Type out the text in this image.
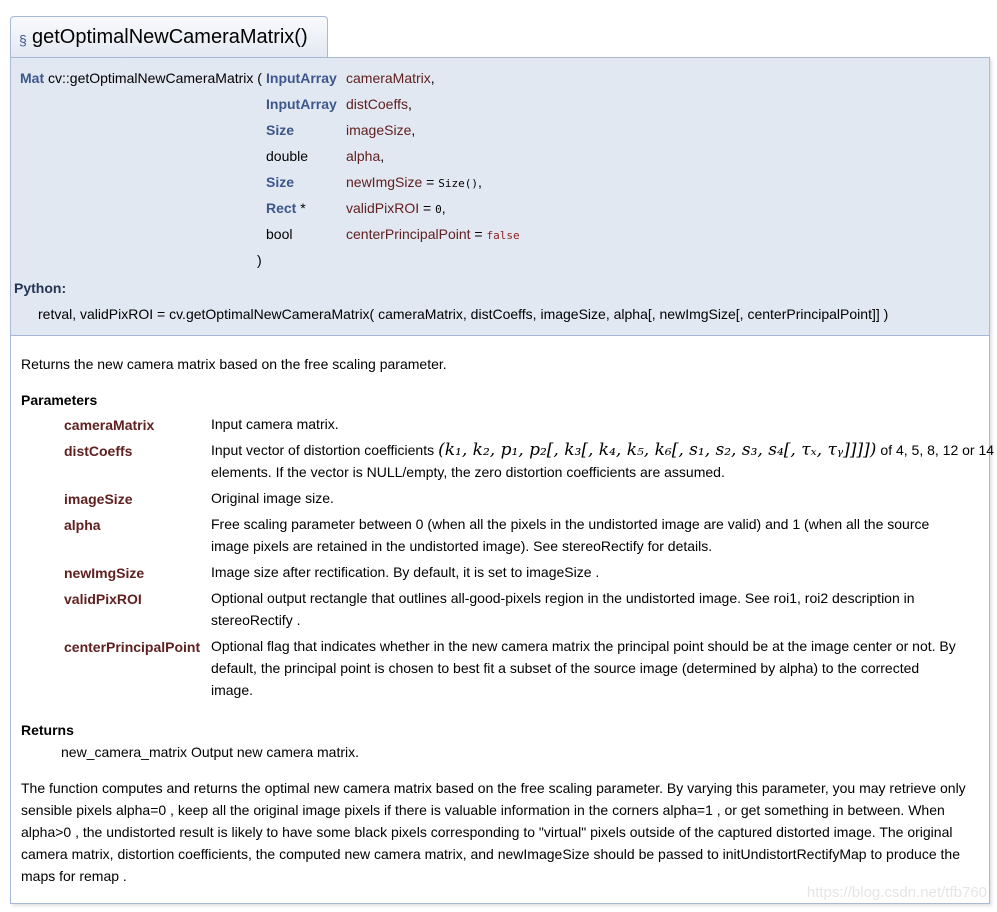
§ getOptimalNewCameraMatrix()
Mat cv::getOptimalNewCameraMatrix (
)
Python:
retval, validPixROI = cv.getOptimalNewCameraMatrix( cameraMatrix, distCoeffs, imageSize, alpha[, newImgSize[, centerPrincipalPoint]] )
InputArray cameraMatrix,
InputArray distCoeffs,
Size	imageSize,
double	alpha,
Size	newImgSize = Size(),
Rect *	validPixROI = 0,
bool	centerPrincipalPoint = false
Returns the new camera matrix based on the free scaling parameter.
Parameters
Returns
new_camera_matrix Output new camera matrix.
The function computes and returns the optimal new camera matrix based on the free scaling parameter. By varying this parameter, you may retrieve only
sensible pixels alpha=0 , keep all the original image pixels if there is valuable information in the corners alpha=1 , or get something in between. When
alpha>0 , the undistorted result is likely to have some black pixels corresponding to "virtual" pixels outside of the captured distorted image. The original
camera matrix, distortion coefficients, the computed new camera matrix, and newImageSize should be passed to initUndistortRectifyMap to produce the
maps for remap .
cameraMatrix	Input camera matrix.
distCoeffs	Input vector of distortion coefficients (k₁, k₂, p₁, p₂[, k₃[, k₄, k₅, k₆[, s₁, s₂, s₃, s₄[, τₓ, τᵧ]]]]) of 4, 5, 8, 12 or 14
elements. If the vector is NULL/empty, the zero distortion coefficients are assumed.
imageSize	Original image size.
alpha	Free scaling parameter between 0 (when all the pixels in the undistorted image are valid) and 1 (when all the source
image pixels are retained in the undistorted image). See stereoRectify for details.
newImgSize	Image size after rectification. By default, it is set to imageSize .
validPixROI	Optional output rectangle that outlines all-good-pixels region in the undistorted image. See roi1, roi2 description in
stereoRectify .
centerPrincipalPoint Optional flag that indicates whether in the new camera matrix the principal point should be at the image center or not. By
default, the principal point is chosen to best fit a subset of the source image (determined by alpha) to the corrected
image.
https://blog.csdn.net/tfb760
